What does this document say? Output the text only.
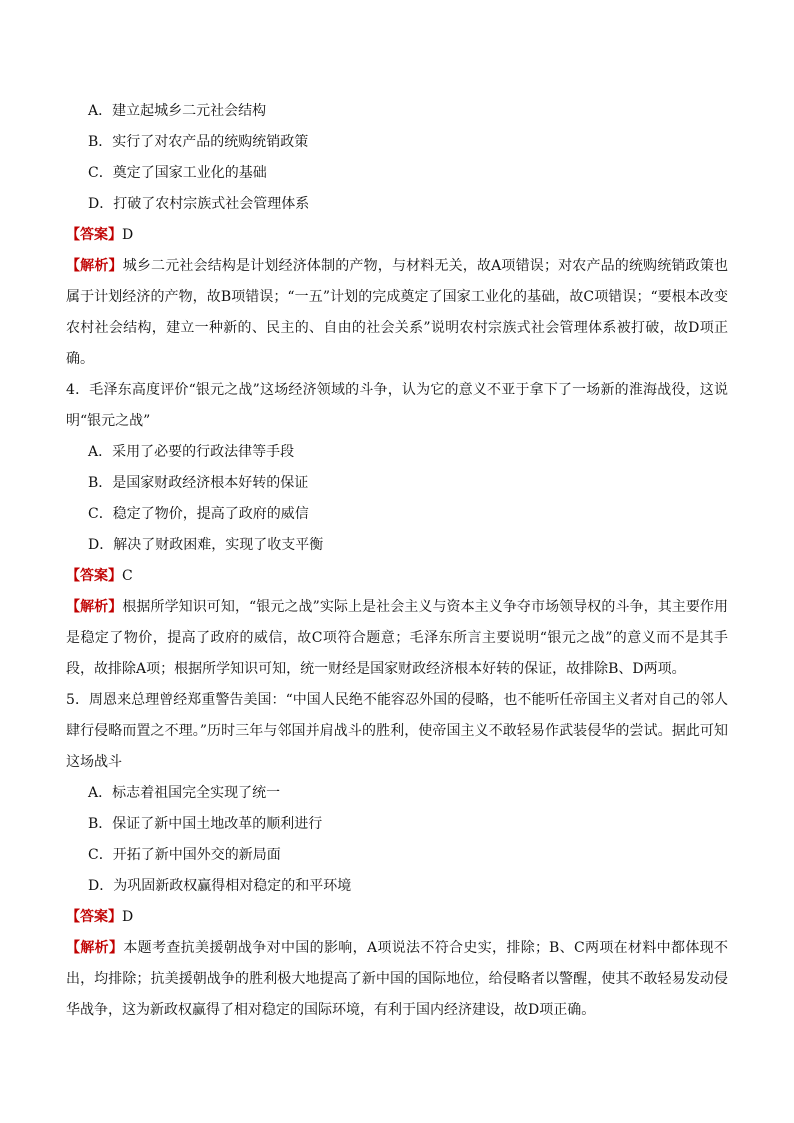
A．建立起城乡二元社会结构
B．实行了对农产品的统购统销政策
C．奠定了国家工业化的基础
D．打破了农村宗族式社会管理体系
【答案】D
【解析】城乡二元社会结构是计划经济体制的产物，与材料无关，故A项错误；对农产品的统购统销政策也属于计划经济的产物，故B项错误；“一五”计划的完成奠定了国家工业化的基础，故C项错误；“要根本改变农村社会结构，建立一种新的、民主的、自由的社会关系”说明农村宗族式社会管理体系被打破，故D项正确。
4．毛泽东高度评价“银元之战”这场经济领域的斗争，认为它的意义不亚于拿下了一场新的淮海战役，这说明“银元之战”
A．采用了必要的行政法律等手段
B．是国家财政经济根本好转的保证
C．稳定了物价，提高了政府的威信
D．解决了财政困难，实现了收支平衡
【答案】C
【解析】根据所学知识可知，“银元之战”实际上是社会主义与资本主义争夺市场领导权的斗争，其主要作用是稳定了物价，提高了政府的威信，故C项符合题意；毛泽东所言主要说明“银元之战”的意义而不是其手段，故排除A项；根据所学知识可知，统一财经是国家财政经济根本好转的保证，故排除B、D两项。
5．周恩来总理曾经郑重警告美国：“中国人民绝不能容忍外国的侵略，也不能听任帝国主义者对自己的邻人肆行侵略而置之不理。”历时三年与邻国并肩战斗的胜利，使帝国主义不敢轻易作武装侵华的尝试。据此可知这场战斗
A．标志着祖国完全实现了统一
B．保证了新中国土地改革的顺利进行
C．开拓了新中国外交的新局面
D．为巩固新政权赢得相对稳定的和平环境
【答案】D
【解析】本题考查抗美援朝战争对中国的影响，A项说法不符合史实，排除；B、C两项在材料中都体现不出，均排除；抗美援朝战争的胜利极大地提高了新中国的国际地位，给侵略者以警醒，使其不敢轻易发动侵华战争，这为新政权赢得了相对稳定的国际环境，有利于国内经济建设，故D项正确。
